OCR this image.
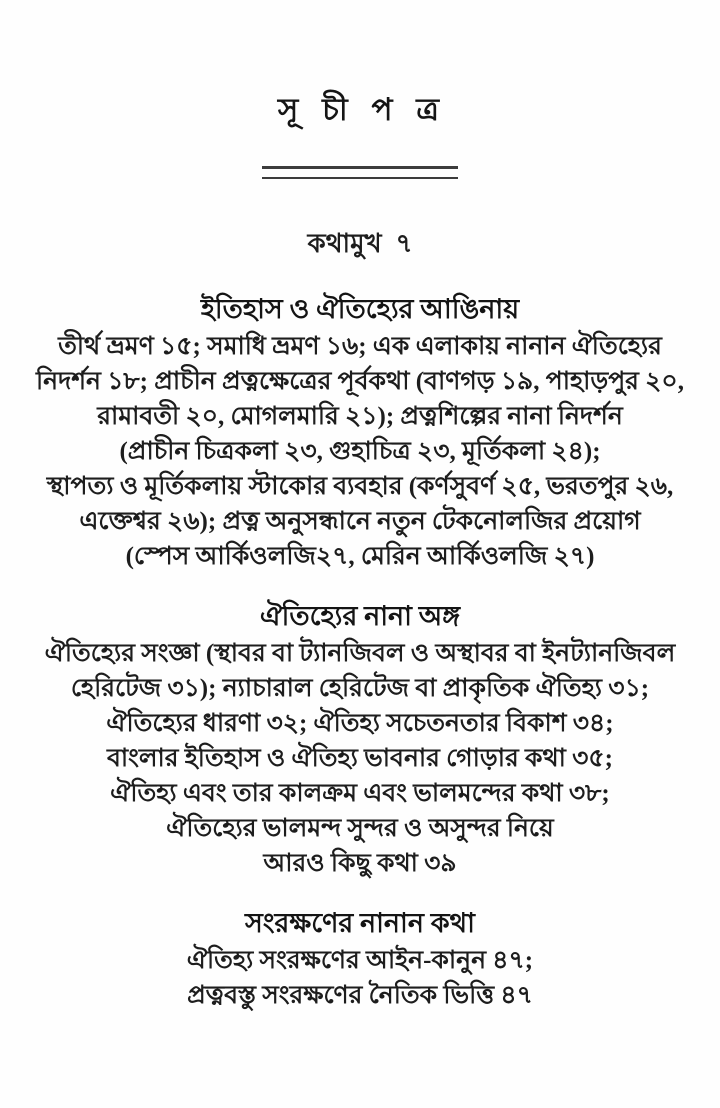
সূ চী প ত্র
কথামুখ ৭
ইতিহাস ও ঐতিহ্যের আঙিনায়
তীর্থ ভ্রমণ ১৫; সমাধি ভ্রমণ ১৬; এক এলাকায় নানান ঐতিহ্যের
নিদর্শন ১৮; প্রাচীন প্রত্নক্ষেত্রের পূর্বকথা (বাণগড় ১৯, পাহাড়পুর ২০,
রামাবতী ২০, মোগলমারি ২১); প্রত্নশিল্পের নানা নিদর্শন
(প্রাচীন চিত্রকলা ২৩, গুহাচিত্র ২৩, মূর্তিকলা ২৪);
স্থাপত্য ও মূর্তিকলায় স্টাকোর ব্যবহার (কর্ণসুবর্ণ ২৫, ভরতপুর ২৬,
এক্তেশ্বর ২৬); প্রত্ন অনুসন্ধানে নতুন টেকনোলজির প্রয়োগ
(স্পেস আর্কিওলজি২৭, মেরিন আর্কিওলজি ২৭)
ঐতিহ্যের নানা অঙ্গ
ঐতিহ্যের সংজ্ঞা (স্থাবর বা ট্যানজিবল ও অস্থাবর বা ইনট্যানজিবল
হেরিটেজ ৩১); ন্যাচারাল হেরিটেজ বা প্রাকৃতিক ঐতিহ্য ৩১;
ঐতিহ্যের ধারণা ৩২; ঐতিহ্য সচেতনতার বিকাশ ৩৪;
বাংলার ইতিহাস ও ঐতিহ্য ভাবনার গোড়ার কথা ৩৫;
ঐতিহ্য এবং তার কালক্রম এবং ভালমন্দের কথা ৩৮;
ঐতিহ্যের ভালমন্দ সুন্দর ও অসুন্দর নিয়ে
আরও কিছু কথা ৩৯
সংরক্ষণের নানান কথা
ঐতিহ্য সংরক্ষণের আইন-কানুন ৪৭;
প্রত্নবস্তু সংরক্ষণের নৈতিক ভিত্তি ৪৭
